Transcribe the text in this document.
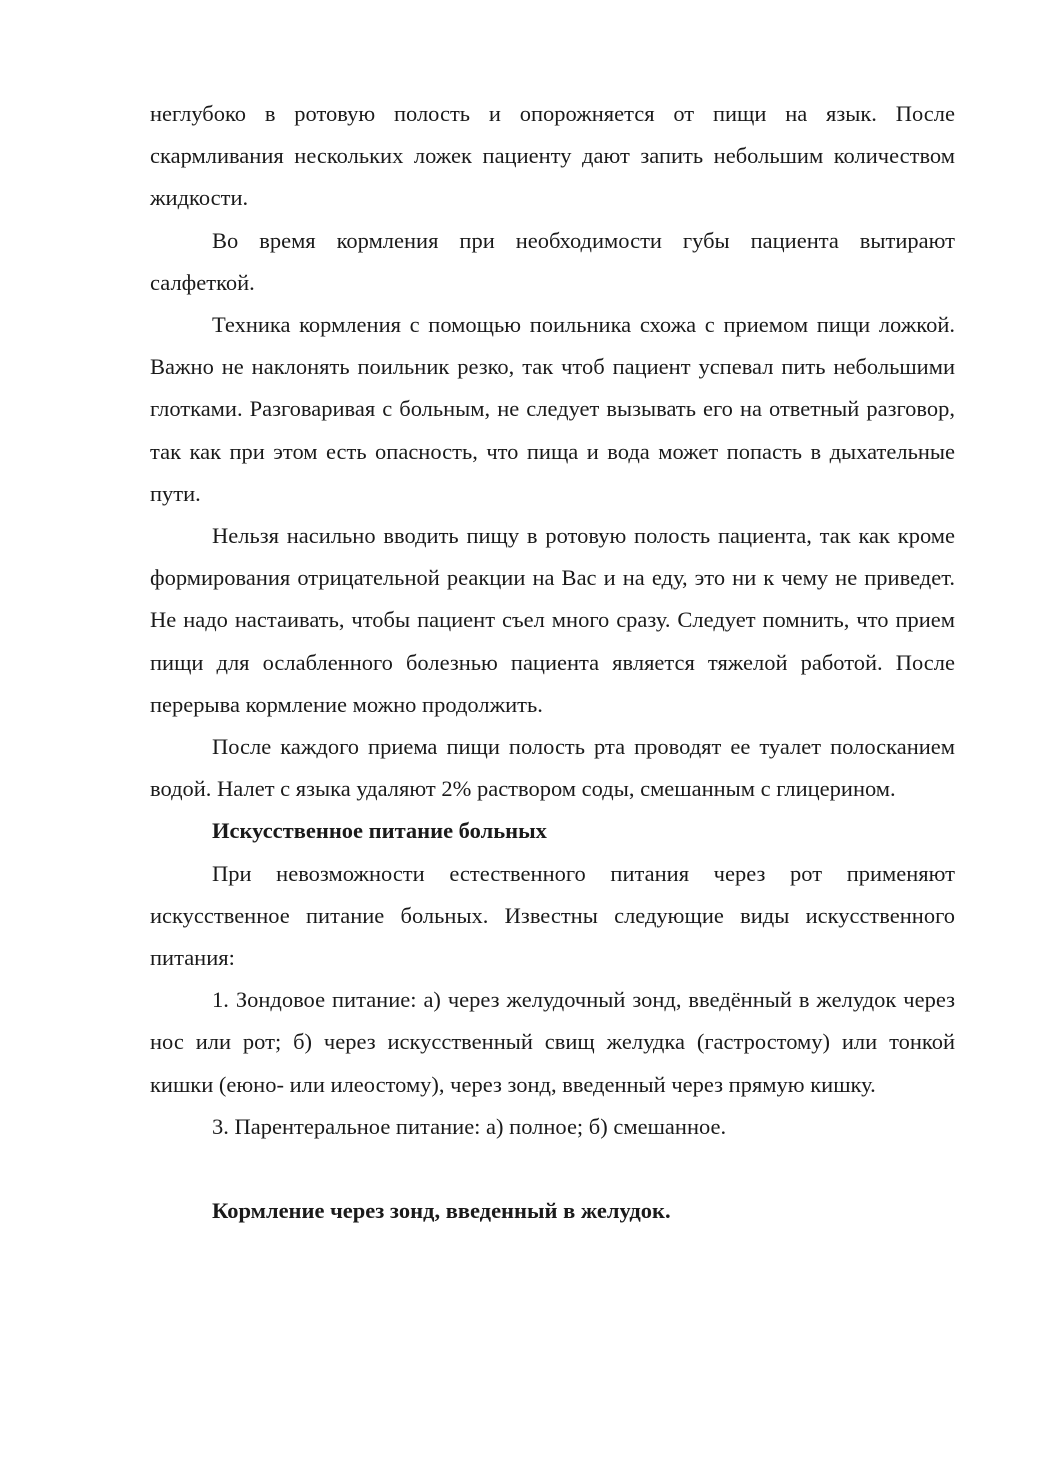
неглубоко в ротовую полость и опорожняется от пищи на язык. После скармливания нескольких ложек пациенту дают запить небольшим количеством жидкости.

Во время кормления при необходимости губы пациента вытирают салфеткой.

Техника кормления с помощью поильника схожа с приемом пищи ложкой. Важно не наклонять поильник резко, так чтоб пациент успевал пить небольшими глотками. Разговаривая с больным, не следует вызывать его на ответный разговор, так как при этом есть опасность, что пища и вода может попасть в дыхательные пути.

Нельзя насильно вводить пищу в ротовую полость пациента, так как кроме формирования отрицательной реакции на Вас и на еду, это ни к чему не приведет. Не надо настаивать, чтобы пациент съел много сразу. Следует помнить, что прием пищи для ослабленного болезнью пациента является тяжелой работой. После перерыва кормление можно продолжить.

После каждого приема пищи полость рта проводят ее туалет полосканием водой. Налет с языка удаляют 2% раствором соды, смешанным с глицерином.

Искусственное питание больных

При невозможности естественного питания через рот применяют искусственное питание больных. Известны следующие виды искусственного питания:

1. Зондовое питание: а) через желудочный зонд, введённый в желудок через нос или рот; б) через искусственный свищ желудка (гастростому) или тонкой кишки (еюно- или илеостому), через зонд, введенный через прямую кишку.

3. Парентеральное питание: а) полное; б) смешанное.

Кормление через зонд, введенный в желудок.
